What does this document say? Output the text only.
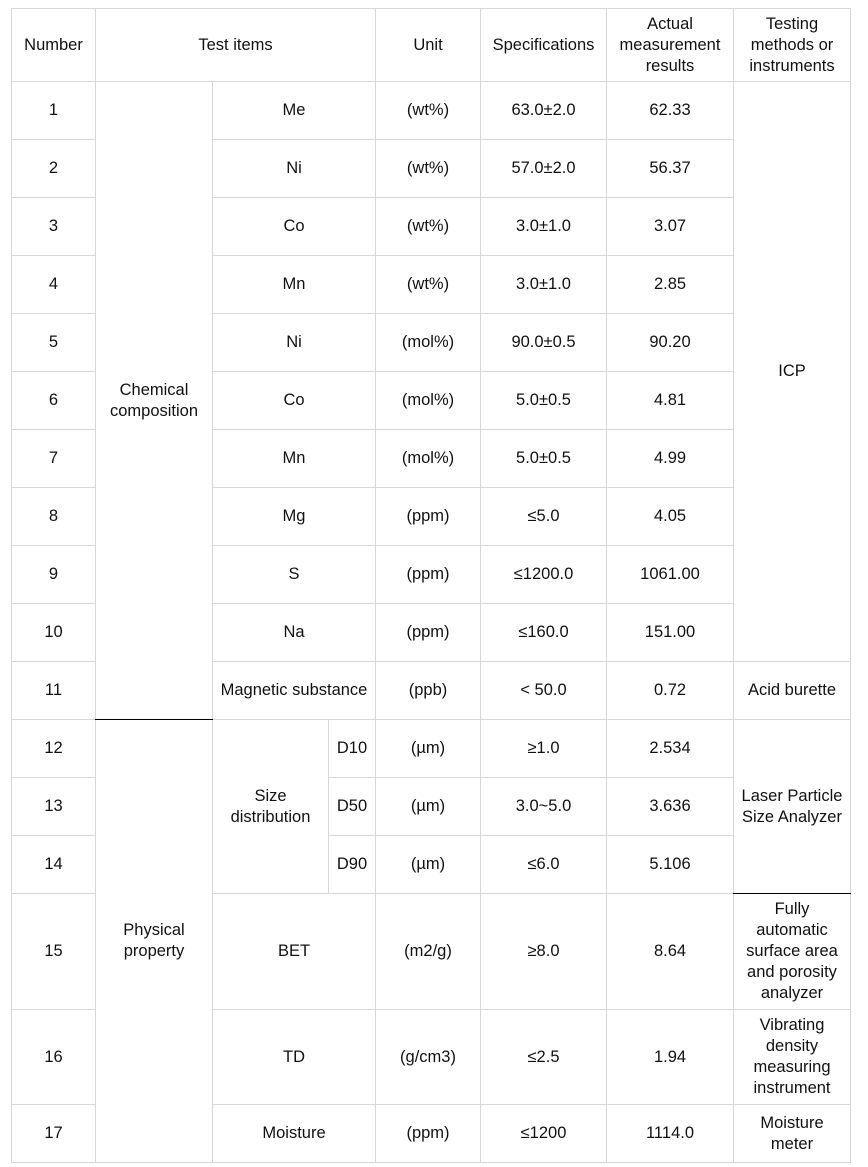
Number	Test items			Unit	Specifications	Actual measurement results	Testing methods or instruments
1	Chemical composition	Me		(wt%)	63.0±2.0	62.33	ICP
2		Ni		(wt%)	57.0±2.0	56.37	
3		Co		(wt%)	3.0±1.0	3.07	
4		Mn		(wt%)	3.0±1.0	2.85	
5		Ni		(mol%)	90.0±0.5	90.20	
6		Co		(mol%)	5.0±0.5	4.81	
7		Mn		(mol%)	5.0±0.5	4.99	
8		Mg		(ppm)	≤5.0	4.05	
9		S		(ppm)	≤1200.0	1061.00	
10		Na		(ppm)	≤160.0	151.00	
11		Magnetic substance		(ppb)	< 50.0	0.72	Acid burette
12	Physical property	Size distribution	D10	(µm)	≥1.0	2.534	Laser Particle Size Analyzer
13			D50	(µm)	3.0~5.0	3.636	
14			D90	(µm)	≤6.0	5.106	
15		BET		(m2/g)	≥8.0	8.64	Fully automatic surface area and porosity analyzer
16		TD		(g/cm3)	≤2.5	1.94	Vibrating density measuring instrument
17		Moisture		(ppm)	≤1200	1114.0	Moisture meter
